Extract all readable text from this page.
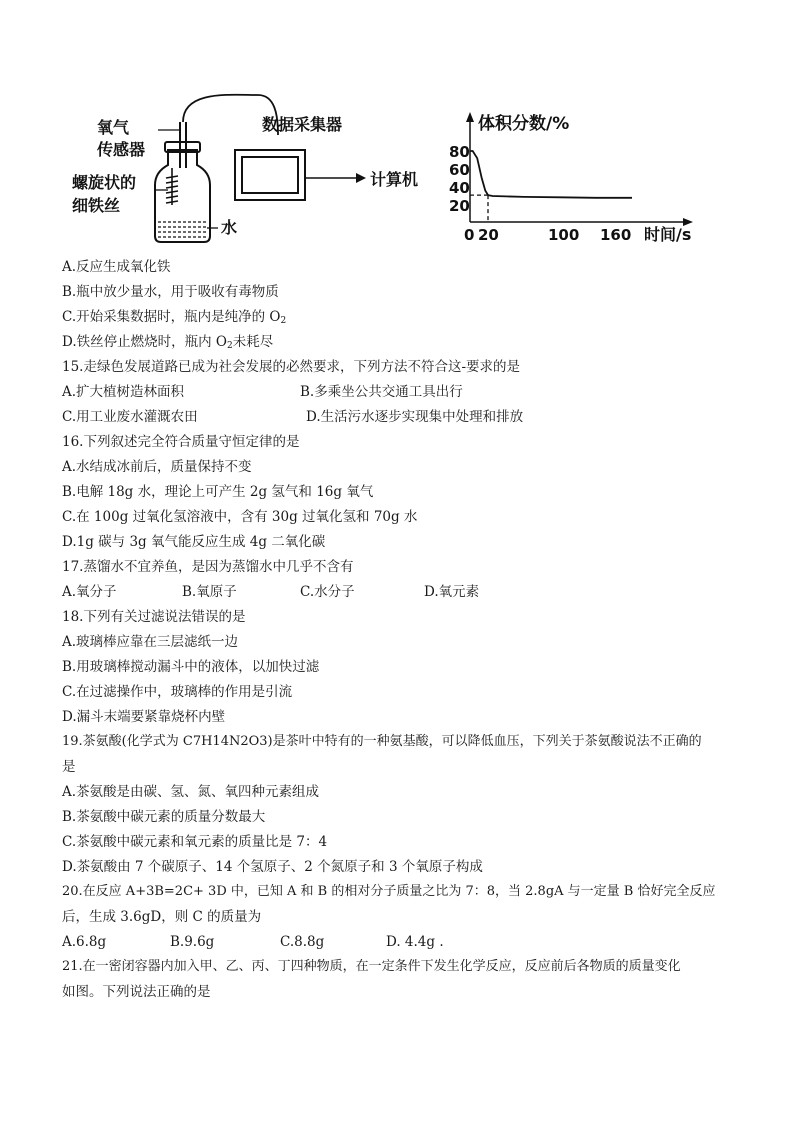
氧气
传感器
螺旋状的
细铁丝
水
数据采集器
计算机
体积分数/%
时间/s
80
60
40
20
0 20	100 160
A.反应生成氧化铁
B.瓶中放少量水，用于吸收有毒物质
C.开始采集数据时，瓶内是纯净的 $O_2$
D.铁丝停止燃烧时，瓶内 $O_2$未耗尽
15.走绿色发展道路已成为社会发展的必然要求，下列方法不符合这-要求的是
A.扩大植树造林面积	B.多乘坐公共交通工具出行
C.用工业废水灌溉农田	D.生活污水逐步实现集中处理和排放
16.下列叙述完全符合质量守恒定律的是
A.水结成冰前后，质量保持不变
B.电解 18g 水，理论上可产生 2g 氢气和 16g 氧气
C.在 100g 过氧化氢溶液中，含有 30g 过氧化氢和 70g 水
D.1g 碳与 3g 氧气能反应生成 4g 二氧化碳
17.蒸馏水不宜养鱼，是因为蒸馏水中几乎不含有
A.氧分子	B.氧原子	C.水分子	D.氧元素
18.下列有关过滤说法错误的是
A.玻璃棒应靠在三层滤纸一边
B.用玻璃棒搅动漏斗中的液体，以加快过滤
C.在过滤操作中，玻璃棒的作用是引流
D.漏斗末端要紧靠烧杯内壁
19.茶氨酸(化学式为 C7H14N2O3)是茶叶中特有的一种氨基酸，可以降低血压，下列关于茶氨酸说法不正确的
是
A.茶氨酸是由碳、氢、氮、氧四种元素组成
B.茶氨酸中碳元素的质量分数最大
C.茶氨酸中碳元素和氧元素的质量比是 7：4
D.茶氨酸由 7 个碳原子、14 个氢原子、2 个氮原子和 3 个氧原子构成
20.在反应 A+3B=2C+ 3D 中，已知 A 和 B 的相对分子质量之比为 7：8，当 2.8gA 与一定量 B 恰好完全反应
后，生成 3.6gD，则 C 的质量为
A.6.8g	B.9.6g	C.8.8g	D. 4.4g .
21.在一密闭容器内加入甲、乙、丙、丁四种物质，在一定条件下发生化学反应，反应前后各物质的质量变化
如图。下列说法正确的是
